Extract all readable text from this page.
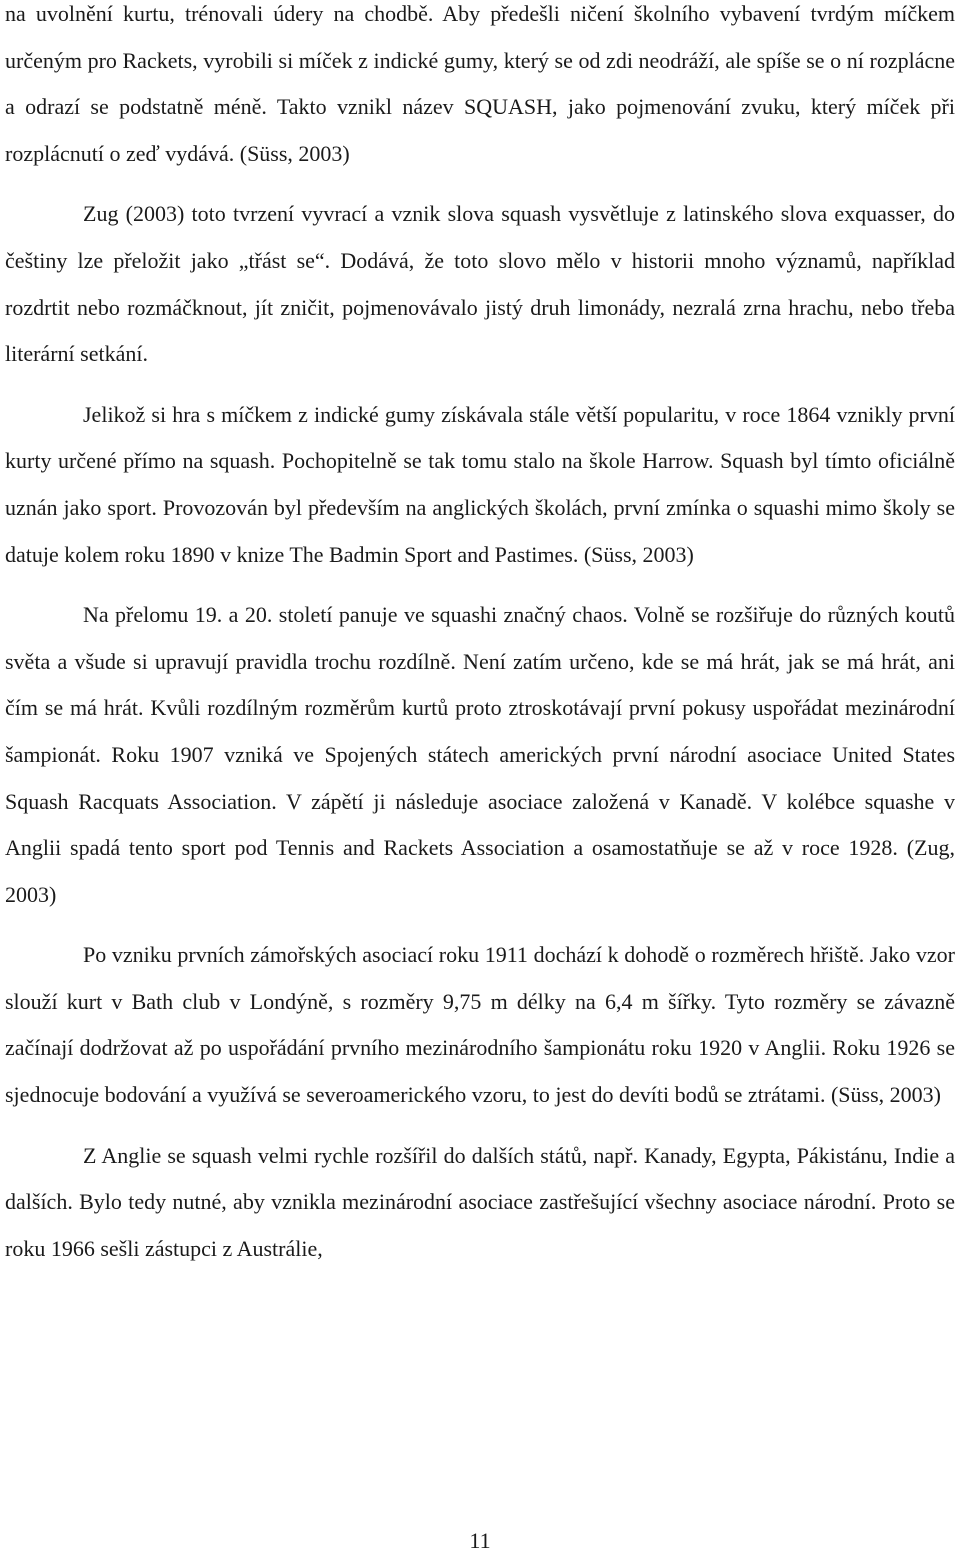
na uvolnění kurtu, trénovali údery na chodbě. Aby předešli ničení školního vybavení tvrdým míčkem určeným pro Rackets, vyrobili si míček z indické gumy, který se od zdi neodráží, ale spíše se o ní rozplácne a odrazí se podstatně méně. Takto vznikl název SQUASH, jako pojmenování zvuku, který míček při rozplácnutí o zeď vydává. (Süss, 2003)

Zug (2003) toto tvrzení vyvrací a vznik slova squash vysvětluje z latinského slova exquasser, do češtiny lze přeložit jako „třást se“. Dodává, že toto slovo mělo v historii mnoho významů, například rozdrtit nebo rozmáčknout, jít zničit, pojmenovávalo jistý druh limonády, nezralá zrna hrachu, nebo třeba literární setkání.

Jelikož si hra s míčkem z indické gumy získávala stále větší popularitu, v roce 1864 vznikly první kurty určené přímo na squash. Pochopitelně se tak tomu stalo na škole Harrow. Squash byl tímto oficiálně uznán jako sport. Provozován byl především na anglických školách, první zmínka o squashi mimo školy se datuje kolem roku 1890 v knize The Badmin Sport and Pastimes. (Süss, 2003)

Na přelomu 19. a 20. století panuje ve squashi značný chaos. Volně se rozšiřuje do různých koutů světa a všude si upravují pravidla trochu rozdílně. Není zatím určeno, kde se má hrát, jak se má hrát, ani čím se má hrát. Kvůli rozdílným rozměrům kurtů proto ztroskotávají první pokusy uspořádat mezinárodní šampionát. Roku 1907 vzniká ve Spojených státech amerických první národní asociace United States Squash Racquats Association. V zápětí ji následuje asociace založená v Kanadě. V kolébce squashe v Anglii spadá tento sport pod Tennis and Rackets Association a osamostatňuje se až v roce 1928. (Zug, 2003)

Po vzniku prvních zámořských asociací roku 1911 dochází k dohodě o rozměrech hřiště. Jako vzor slouží kurt v Bath club v Londýně, s rozměry 9,75 m délky na 6,4 m šířky. Tyto rozměry se závazně začínají dodržovat až po uspořádání prvního mezinárodního šampionátu roku 1920 v Anglii. Roku 1926 se sjednocuje bodování a využívá se severoamerického vzoru, to jest do devíti bodů se ztrátami. (Süss, 2003)

Z Anglie se squash velmi rychle rozšířil do dalších států, např. Kanady, Egypta, Pákistánu, Indie a dalších. Bylo tedy nutné, aby vznikla mezinárodní asociace zastřešující všechny asociace národní. Proto se roku 1966 sešli zástupci z Austrálie,

11
